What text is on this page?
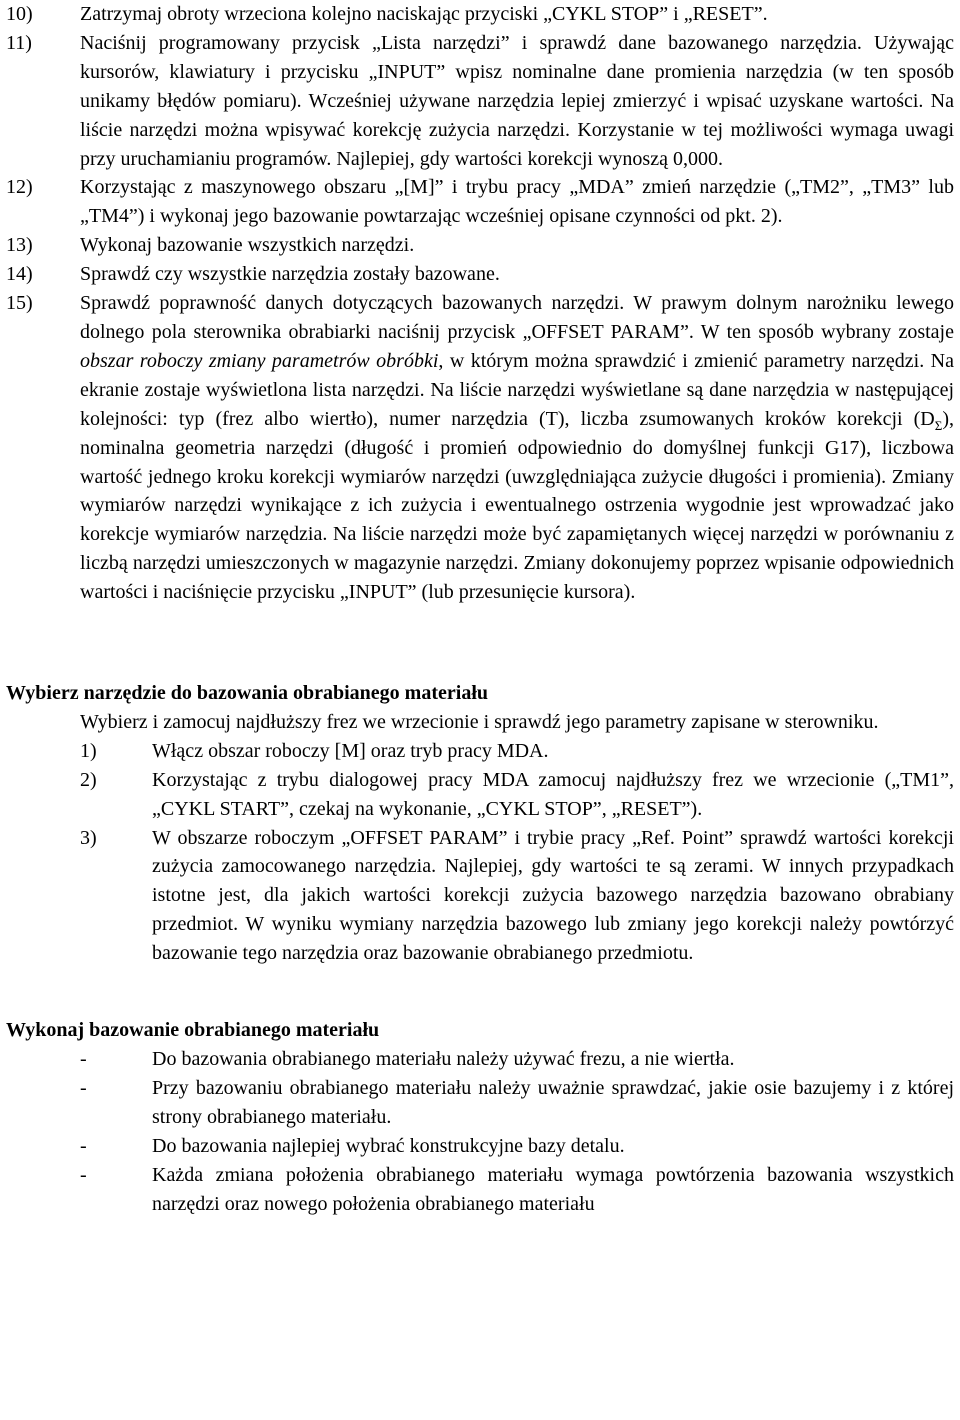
10)	Zatrzymaj obroty wrzeciona kolejno naciskając przyciski „CYKL STOP” i „RESET”.
11)	Naciśnij programowany przycisk „Lista narzędzi” i sprawdź dane bazowanego narzędzia. Używając kursorów, klawiatury i przycisku „INPUT” wpisz nominalne dane promienia narzędzia (w ten sposób unikamy błędów pomiaru). Wcześniej używane narzędzia lepiej zmierzyć i wpisać uzyskane wartości. Na liście narzędzi można wpisywać korekcję zużycia narzędzi. Korzystanie w tej możliwości wymaga uwagi przy uruchamianiu programów. Najlepiej, gdy wartości korekcji wynoszą 0,000.
12)	Korzystając z maszynowego obszaru „[M]” i trybu pracy „MDA” zmień narzędzie („TM2”, „TM3” lub „TM4”) i wykonaj jego bazowanie powtarzając wcześniej opisane czynności od pkt. 2).
13)	Wykonaj bazowanie wszystkich narzędzi.
14)	Sprawdź czy wszystkie narzędzia zostały bazowane.
15)	Sprawdź poprawność danych dotyczących bazowanych narzędzi. W prawym dolnym narożniku lewego dolnego pola sterownika obrabiarki naciśnij przycisk „OFFSET PARAM”. W ten sposób wybrany zostaje obszar roboczy zmiany parametrów obróbki, w którym można sprawdzić i zmienić parametry narzędzi. Na ekranie zostaje wyświetlona lista narzędzi. Na liście narzędzi wyświetlane są dane narzędzia w następującej kolejności: typ (frez albo wiertło), numer narzędzia (T), liczba zsumowanych kroków korekcji $(D_\Sigma)$, nominalna geometria narzędzi (długość i promień odpowiednio do domyślnej funkcji G17), liczbowa wartość jednego kroku korekcji wymiarów narzędzi (uwzględniająca zużycie długości i promienia). Zmiany wymiarów narzędzi wynikające z ich zużycia i ewentualnego ostrzenia wygodnie jest wprowadzać jako korekcje wymiarów narzędzia. Na liście narzędzi może być zapamiętanych więcej narzędzi w porównaniu z liczbą narzędzi umieszczonych w magazynie narzędzi. Zmiany dokonujemy poprzez wpisanie odpowiednich wartości i naciśnięcie przycisku „INPUT” (lub przesunięcie kursora).
Wybierz narzędzie do bazowania obrabianego materiału

Wybierz i zamocuj najdłuższy frez we wrzecionie i sprawdź jego parametry zapisane w sterowniku.

1)	Włącz obszar roboczy [M] oraz tryb pracy MDA.
2)	Korzystając z trybu dialogowej pracy MDA zamocuj najdłuższy frez we wrzecionie („TM1”, „CYKL START”, czekaj na wykonanie, „CYKL STOP”, „RESET”).
3)	W obszarze roboczym „OFFSET PARAM” i trybie pracy „Ref. Point” sprawdź wartości korekcji zużycia zamocowanego narzędzia. Najlepiej, gdy wartości te są zerami. W innych przypadkach istotne jest, dla jakich wartości korekcji zużycia bazowego narzędzia bazowano obrabiany przedmiot. W wyniku wymiany narzędzia bazowego lub zmiany jego korekcji należy powtórzyć bazowanie tego narzędzia oraz bazowanie obrabianego przedmiotu.
Wykonaj bazowanie obrabianego materiału
-	Do bazowania obrabianego materiału należy używać frezu, a nie wiertła.
-	Przy bazowaniu obrabianego materiału należy uważnie sprawdzać, jakie osie bazujemy i z której strony obrabianego materiału.
-	Do bazowania najlepiej wybrać konstrukcyjne bazy detalu.
-	Każda zmiana położenia obrabianego materiału wymaga powtórzenia bazowania wszystkich narzędzi oraz nowego położenia obrabianego materiału
